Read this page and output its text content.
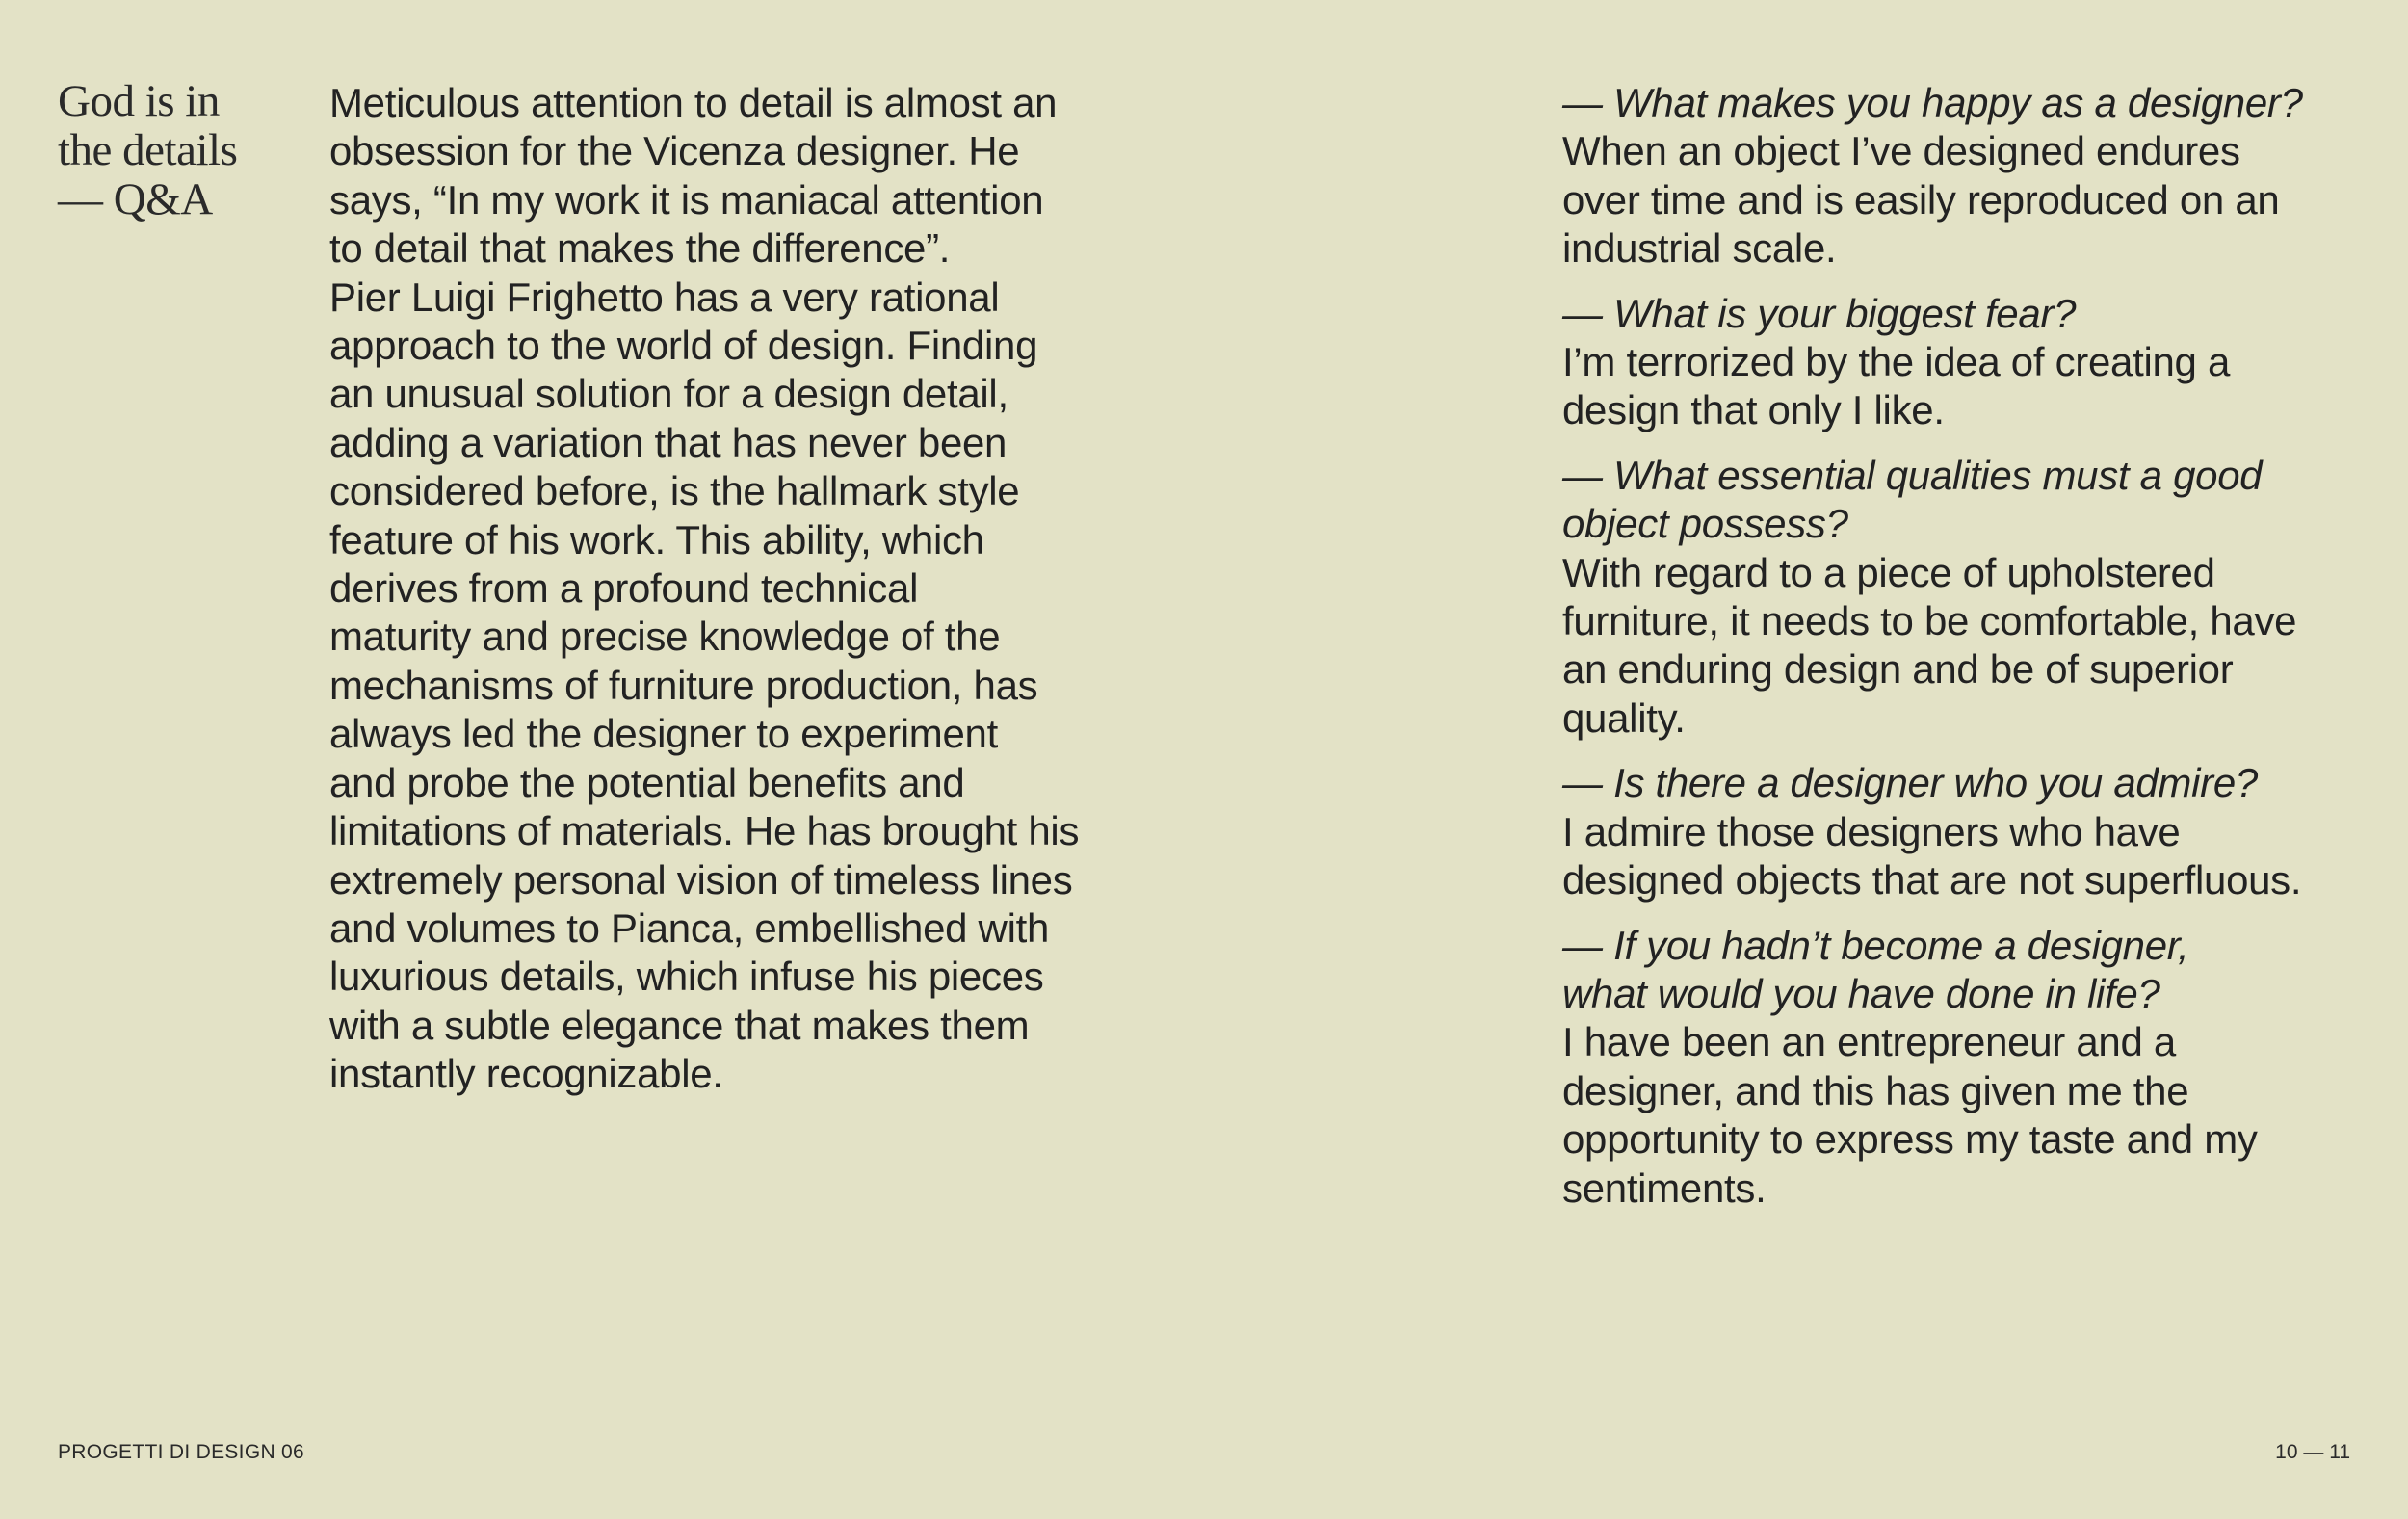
God is in
the details
— Q&A
Meticulous attention to detail is almost an
obsession for the Vicenza designer. He
says, “In my work it is maniacal attention
to detail that makes the difference”.
Pier Luigi Frighetto has a very rational
approach to the world of design. Finding
an unusual solution for a design detail,
adding a variation that has never been
considered before, is the hallmark style
feature of his work. This ability, which
derives from a profound technical
maturity and precise knowledge of the
mechanisms of furniture production, has
always led the designer to experiment
and probe the potential benefits and
limitations of materials. He has brought his
extremely personal vision of timeless lines
and volumes to Pianca, embellished with
luxurious details, which infuse his pieces
with a subtle elegance that makes them
instantly recognizable.
— What makes you happy as a designer?
When an object I’ve designed endures
over time and is easily reproduced on an
industrial scale.
— What is your biggest fear?
I’m terrorized by the idea of creating a
design that only I like.
— What essential qualities must a good
object possess?
With regard to a piece of upholstered
furniture, it needs to be comfortable, have
an enduring design and be of superior
quality.
— Is there a designer who you admire?
I admire those designers who have
designed objects that are not superfluous.
— If you hadn’t become a designer,
what would you have done in life?
I have been an entrepreneur and a
designer, and this has given me the
opportunity to express my taste and my
sentiments.
PROGETTI DI DESIGN 06	10 — 11
